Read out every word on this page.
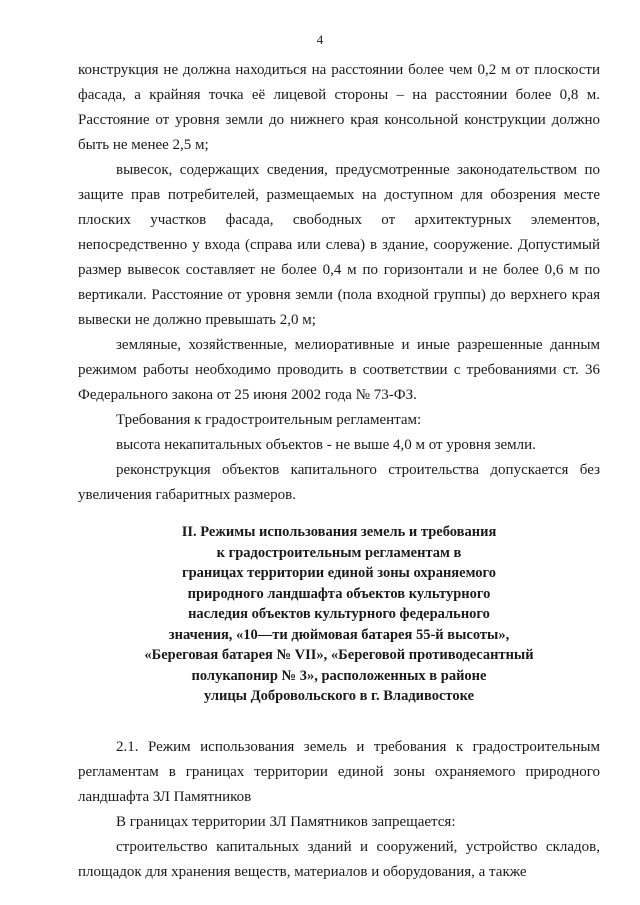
4

конструкция не должна находиться на расстоянии более чем 0,2 м от плоскости фасада, а крайняя точка её лицевой стороны – на расстоянии более 0,8 м. Расстояние от уровня земли до нижнего края консольной конструкции должно быть не менее 2,5 м;

вывесок, содержащих сведения, предусмотренные законодательством по защите прав потребителей, размещаемых на доступном для обозрения месте плоских участков фасада, свободных от архитектурных элементов, непосредственно у входа (справа или слева) в здание, сооружение. Допустимый размер вывесок составляет не более 0,4 м по горизонтали и не более 0,6 м по вертикали. Расстояние от уровня земли (пола входной группы) до верхнего края вывески не должно превышать 2,0 м;

земляные, хозяйственные, мелиоративные и иные разрешенные данным режимом работы необходимо проводить в соответствии с требованиями ст. 36 Федерального закона от 25 июня 2002 года № 73-ФЗ.

Требования к градостроительным регламентам:

высота некапитальных объектов - не выше 4,0 м от уровня земли.

реконструкция объектов капитального строительства допускается без увеличения габаритных размеров.

II. Режимы использования земель и требования
к градостроительным регламентам в
границах территории единой зоны охраняемого
природного ландшафта объектов культурного
наследия объектов культурного федерального
значения, «10—ти дюймовая батарея 55-й высоты»,
«Береговая батарея № VII», «Береговой противодесантный
полукапонир № 3», расположенных в районе
улицы Добровольского в г. Владивостоке

2.1. Режим использования земель и требования к градостроительным регламентам в границах территории единой зоны охраняемого природного ландшафта ЗЛ Памятников

В границах территории ЗЛ Памятников запрещается:

строительство капитальных зданий и сооружений, устройство складов, площадок для хранения веществ, материалов и оборудования, а также
